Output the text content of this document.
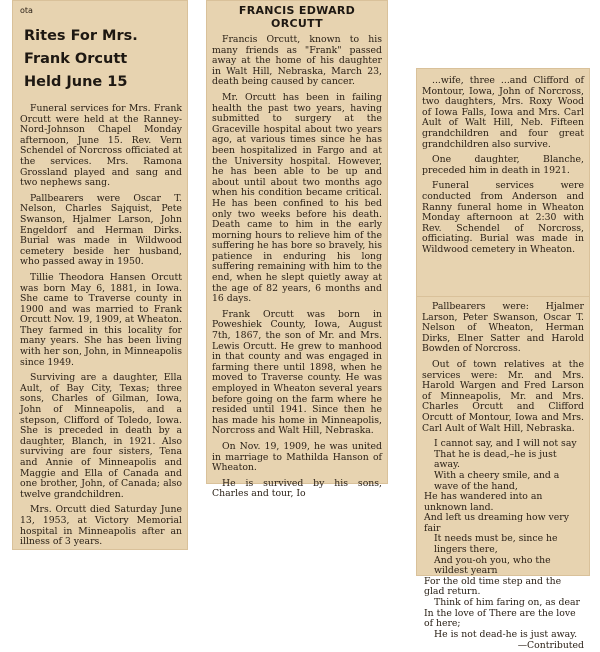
ota
Rites For Mrs.
Frank Orcutt
Held June 15

Funeral services for Mrs. Frank Orcutt were held at the Ranney-Nord-Johnson Chapel Monday afternoon, June 15. Rev. Vern Schendel of Norcross officiated at the services. Mrs. Ramona Grossland played and sang and two nephews sang.

Pallbearers were Oscar T. Nelson, Charles Sajquist, Pete Swanson, Hjalmer Larson, John Engeldorf and Herman Dirks. Burial was made in Wildwood cemetery beside her husband, who passed away in 1950.

Tillie Theodora Hansen Orcutt was born May 6, 1881, in Iowa. She came to Traverse county in 1900 and was married to Frank Orcutt Nov. 19, 1909, at Wheaton. They farmed in this locality for many years. She has been living with her son, John, in Minneapolis since 1949.

Surviving are a daughter, Ella Ault, of Bay City, Texas; three sons, Charles of Gilman, Iowa, John of Minneapolis, and a stepson, Clifford of Toledo, Iowa. She is preceded in death by a daughter, Blanch, in 1921. Also surviving are four sisters, Tena and Annie of Minneapolis and Maggie and Ella of Canada and one brother, John, of Canada; also twelve grandchildren.

Mrs. Orcutt died Saturday June 13, 1953, at Victory Memorial hospital in Minneapolis after an illness of 3 years.

FRANCIS EDWARD ORCUTT

Francis Orcutt, known to his many friends as "Frank" passed away at the home of his daughter in Walt Hill, Nebraska, March 23, death being caused by cancer.

Mr. Orcutt has been in failing health the past two years, having submitted to surgery at the Graceville hospital about two years ago, at various times since he has been hospitalized in Fargo and at the University hospital. However, he has been able to be up and about until about two months ago when his condition became critical. He has been confined to his bed only two weeks before his death. Death came to him in the early morning hours to relieve him of the suffering he has bore so bravely, his patience in enduring his long suffering remaining with him to the end, when he slept quietly away at the age of 82 years, 6 months and 16 days.

Frank Orcutt was born in Poweshiek County, Iowa, August 7th, 1867, the son of Mr. and Mrs. Lewis Orcutt. He grew to manhood in that county and was engaged in farming there until 1898, when he moved to Traverse county. He was employed in Wheaton several years before going on the farm where he resided until 1941. Since then he has made his home in Minneapolis, Norcross and Walt Hill, Nebraska.

On Nov. 19, 1909, he was united in marriage to Mathilda Hanson of Wheaton.

He is survived by his sons, Charles and tour, Io

...wife, three ...and Clifford of Montour, Iowa, John of Norcross, two daughters, Mrs. Roxy Wood of Iowa Falls, Iowa and Mrs. Carl Ault of Walt Hill, Neb. Fifteen grandchildren and four great grandchildren also survive.

One daughter, Blanche, preceded him in death in 1921.

Funeral services were conducted from Anderson and Ranny funeral home in Wheaton Monday afternoon at 2:30 with Rev. Schendel of Norcross, officiating. Burial was made in Wildwood cemetery in Wheaton.

Pallbearers were: Hjalmer Larson, Peter Swanson, Oscar T. Nelson of Wheaton, Herman Dirks, Elner Satter and Harold Bowden of Norcross.

Out of town relatives at the services were: Mr. and Mrs. Harold Wargen and Fred Larson of Minneapolis, Mr. and Mrs. Charles Orcutt and Clifford Orcutt of Montour, Iowa and Mrs. Carl Ault of Walt Hill, Nebraska.

I cannot say, and I will not say

That he is dead,–he is just away.

With a cheery smile, and a wave of the hand,

He has wandered into an unknown land.

And left us dreaming how very fair

It needs must be, since he lingers there,

And you-oh you, who the wildest yearn

For the old time step and the glad return.

Think of him faring on, as dear

In the love of There are the love of here;

He is not dead-he is just away.

—Contributed
